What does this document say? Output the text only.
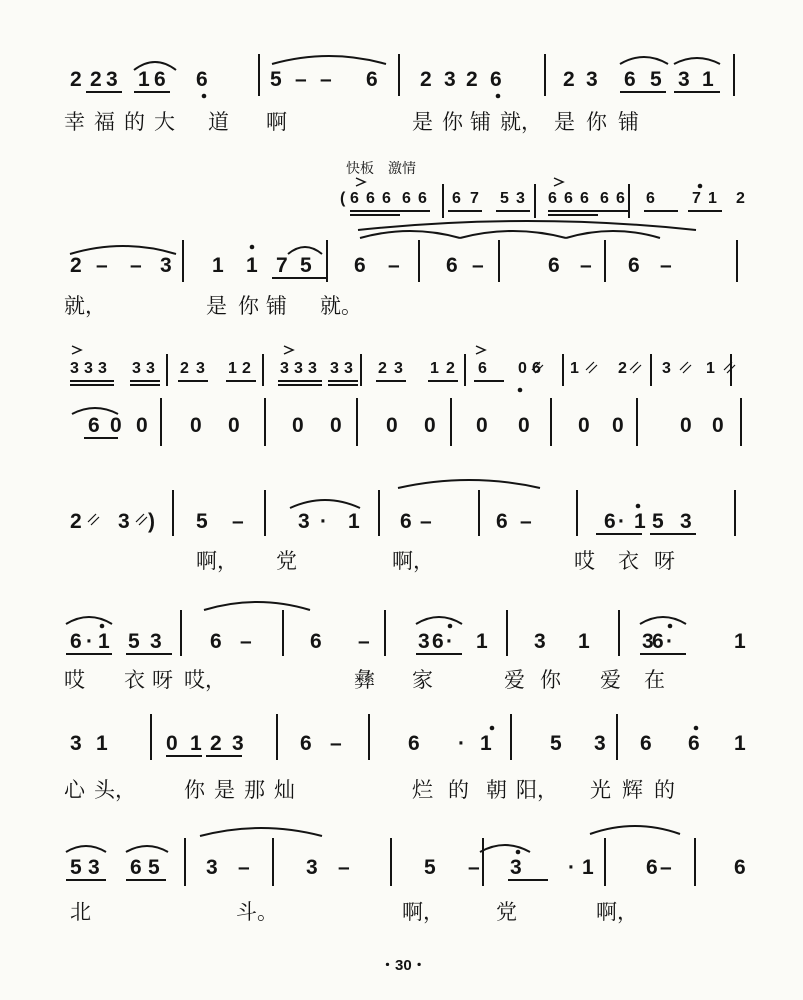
2 2 3 1 6 6	5 – – 6 2 3 2 6	2 3 6 5 3 1
幸 福 的 大 道 啊	是 你 铺 就， 是 你 铺
快板　激情
( 6 6 6 6 6 6 7 5 3 6 6 6 6 6 6 7 1 2
2 – – 3 1 1 7 5 6 – 6 –	6 – 6 –
就，	是 你 铺 就。
3 3 3 3 3 2 3 1 2 3 3 3 3 3 2 3 1 2 6 0 6 1 2 3 1
6 0 0 0 0 0 0 0 0 0 0 0 0	0 0
2 3 ) 5 –	3 · 1 6 –	6 –	6 · 1 5 3
啊， 党	啊，	哎 衣 呀
6 · 1 5 3 6 –	6 – 3 6 · 1 3 1 3
6 ·	1
哎 衣 呀 哎，	彝 家	爱 你 爱 在
3 1	0 1 2 3	6 –	6 · 1	5 3 6 6 1
心 头， 你 是 那 灿	烂 的 朝 阳， 光 辉 的
5 3 6 5 3 –	3 –	5 – 3 · 1 6 –	6
北	斗。	啊， 党	啊，
・30・
